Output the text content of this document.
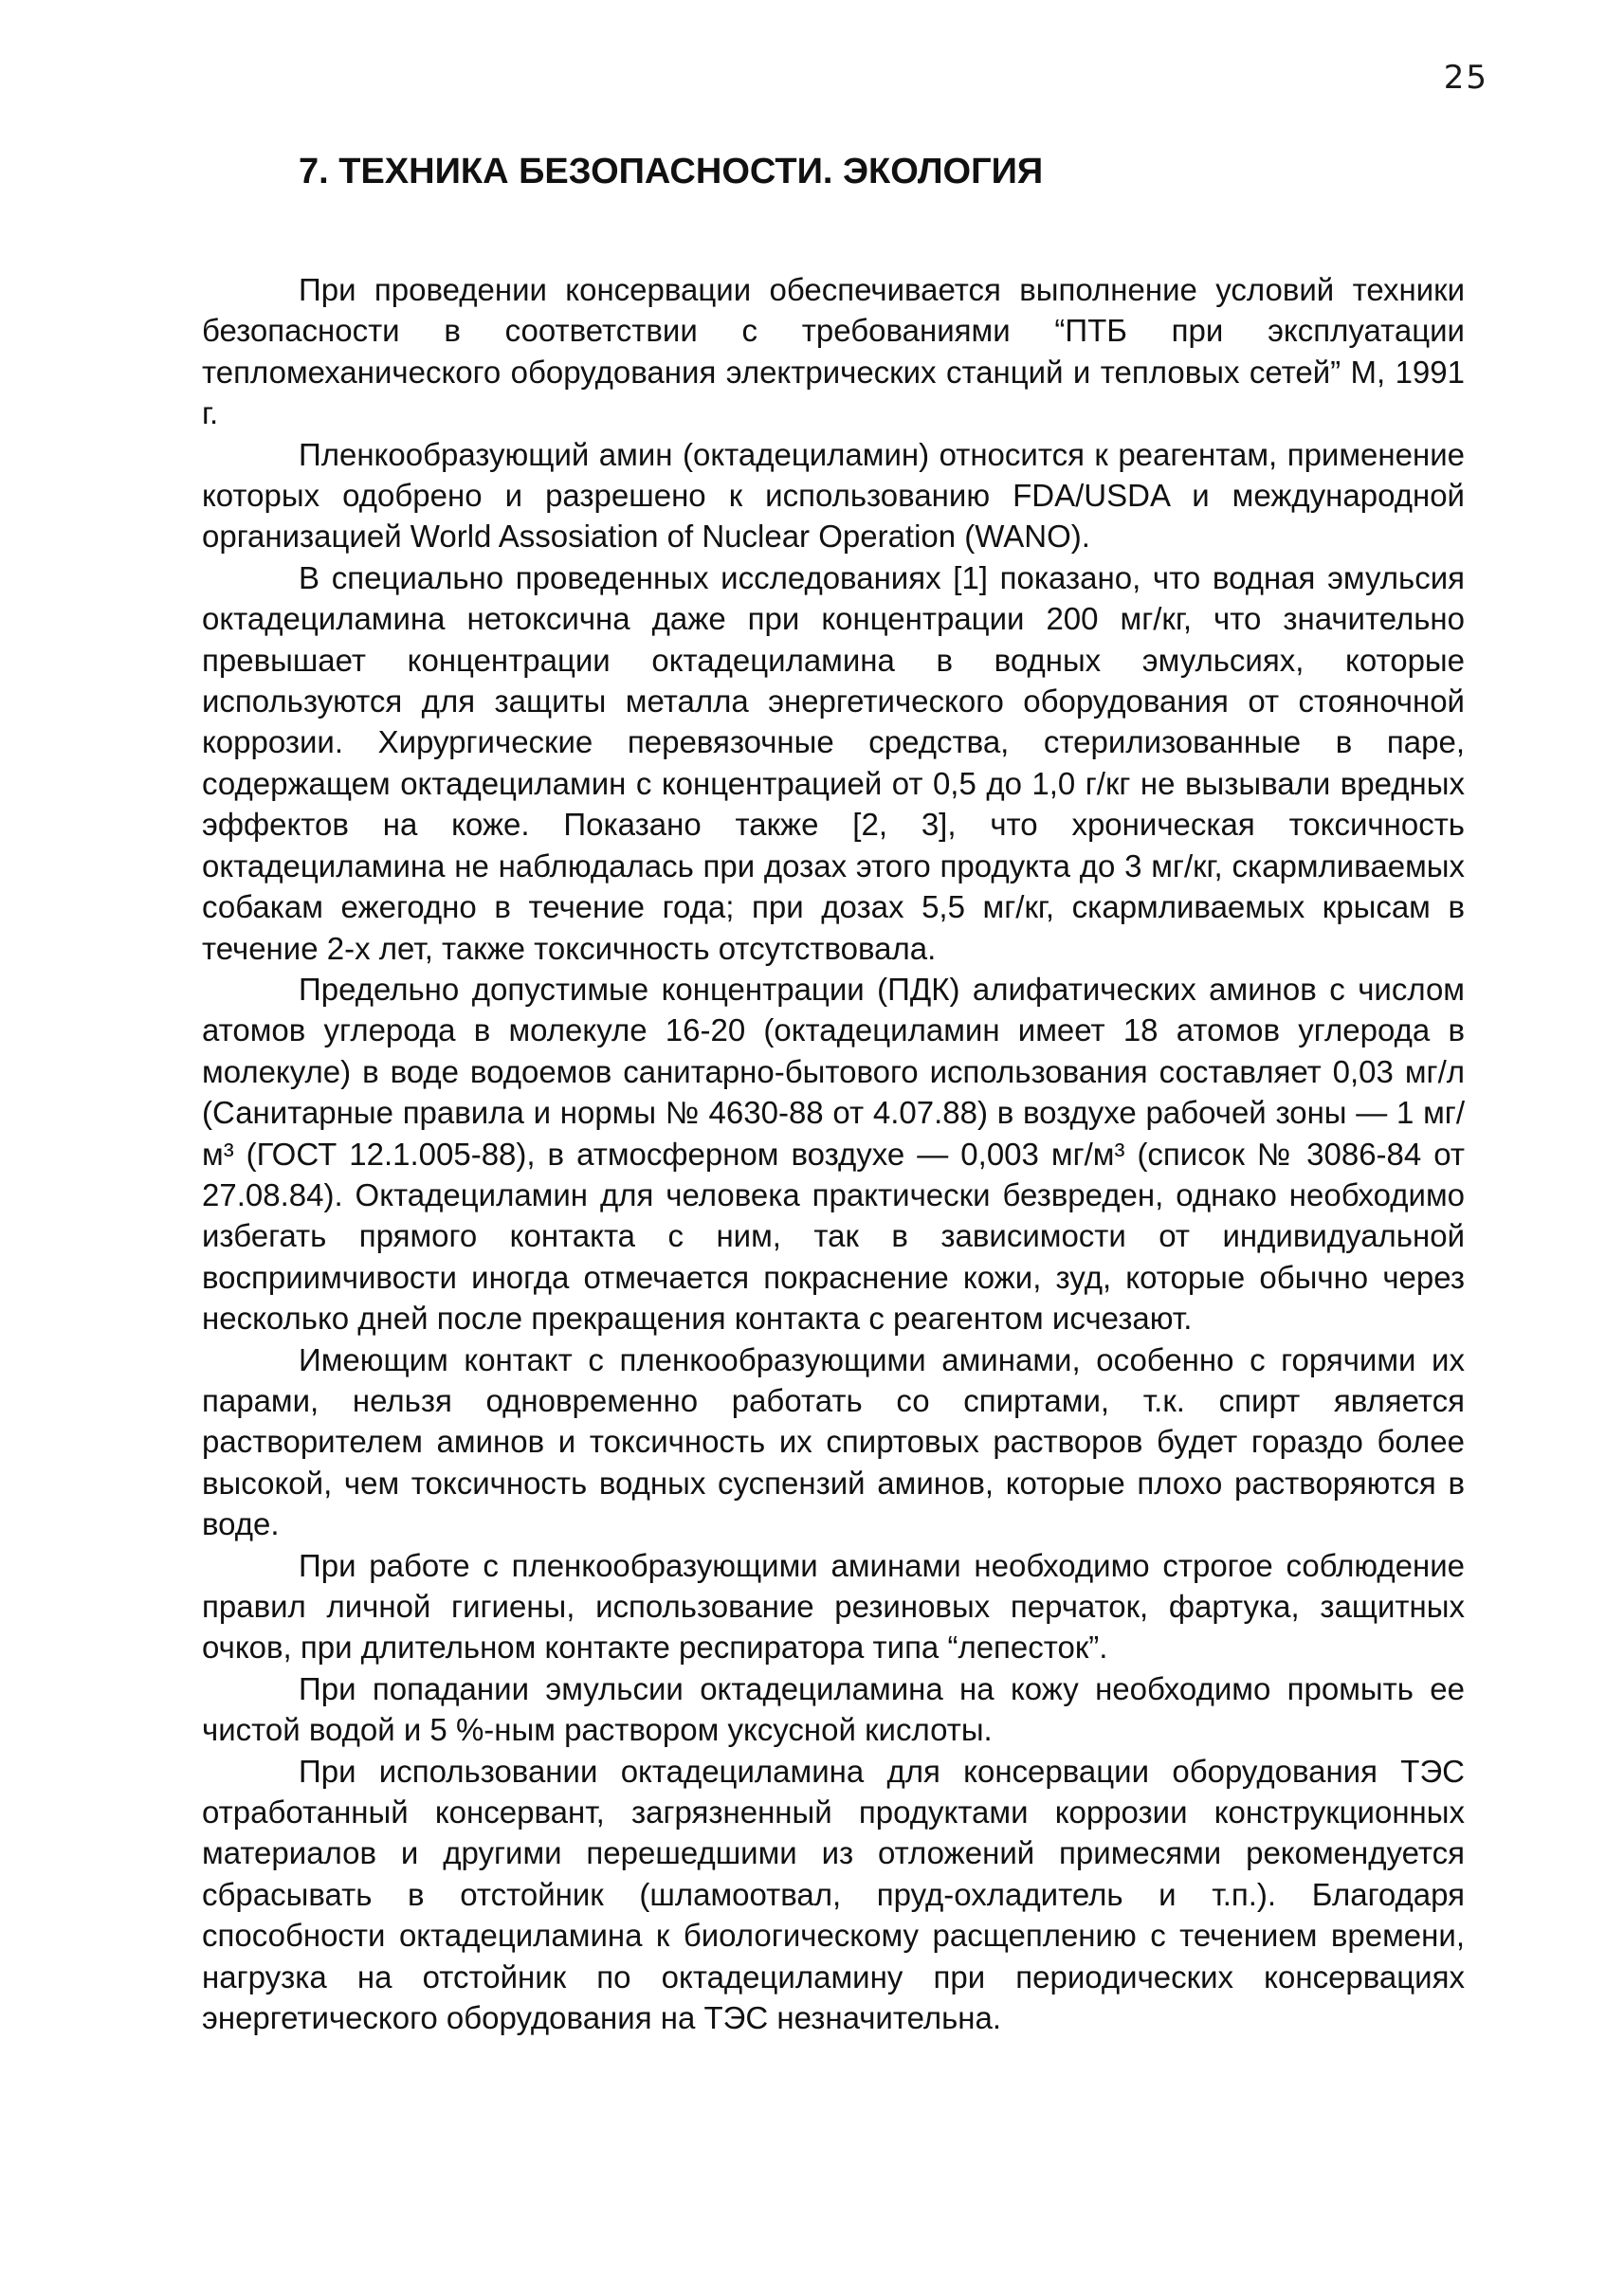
25
7. ТЕХНИКА БЕЗОПАСНОСТИ. ЭКОЛОГИЯ

При проведении консервации обеспечивается выполнение условий техники безопасности в соответствии с требованиями “ПТБ при эксплуатации тепломеханического оборудования электрических станций и тепловых сетей” М, 1991 г.

Пленкообразующий амин (октадециламин) относится к реагентам, применение которых одобрено и разрешено к использованию FDA/USDA и международной организацией World Assosiation of Nuclear Operation (WANO).

В специально проведенных исследованиях [1] показано, что водная эмульсия октадециламина нетоксична даже при концентрации 200 мг/кг, что значительно превышает концентрации октадециламина в водных эмульсиях, которые используются для защиты металла энергетического оборудования от стояночной коррозии. Хирургические перевязочные средства, стерилизованные в паре, содержащем октадециламин с концентрацией от 0,5 до 1,0 г/кг не вызывали вредных эффектов на коже. Показано также [2, 3], что хроническая токсичность октадециламина не наблюдалась при дозах этого продукта до 3 мг/кг, скармливаемых собакам ежегодно в течение года; при дозах 5,5 мг/кг, скармливаемых крысам в течение 2-х лет, также токсичность отсутствовала.

Предельно допустимые концентрации (ПДК) алифатических аминов с числом атомов углерода в молекуле 16-20 (октадециламин имеет 18 атомов углерода в молекуле) в воде водоемов санитарно-бытового использования составляет 0,03 мг/л (Санитарные правила и нормы № 4630-88 от 4.07.88) в воздухе рабочей зоны — 1 мг/м³ (ГОСТ 12.1.005-88), в атмосферном воздухе — 0,003 мг/м³ (список № 3086-84 от 27.08.84). Октадециламин для человека практически безвреден, однако необходимо избегать прямого контакта с ним, так в зависимости от индивидуальной восприимчивости иногда отмечается покраснение кожи, зуд, которые обычно через несколько дней после прекращения контакта с реагентом исчезают.

Имеющим контакт с пленкообразующими аминами, особенно с горячими их парами, нельзя одновременно работать со спиртами, т.к. спирт является растворителем аминов и токсичность их спиртовых растворов будет гораздо более высокой, чем токсичность водных суспензий аминов, которые плохо растворяются в воде.

При работе с пленкообразующими аминами необходимо строгое соблюдение правил личной гигиены, использование резиновых перчаток, фартука, защитных очков, при длительном контакте респиратора типа “лепесток”.

При попадании эмульсии октадециламина на кожу необходимо промыть ее чистой водой и 5 %-ным раствором уксусной кислоты.

При использовании октадециламина для консервации оборудования ТЭС отработанный консервант, загрязненный продуктами коррозии конструкционных материалов и другими перешедшими из отложений примесями рекомендуется сбрасывать в отстойник (шламоотвал, пруд-охладитель и т.п.). Благодаря способности октадециламина к биологическому расщеплению с течением времени, нагрузка на отстойник по октадециламину при периодических консервациях энергетического оборудования на ТЭС незначительна.
